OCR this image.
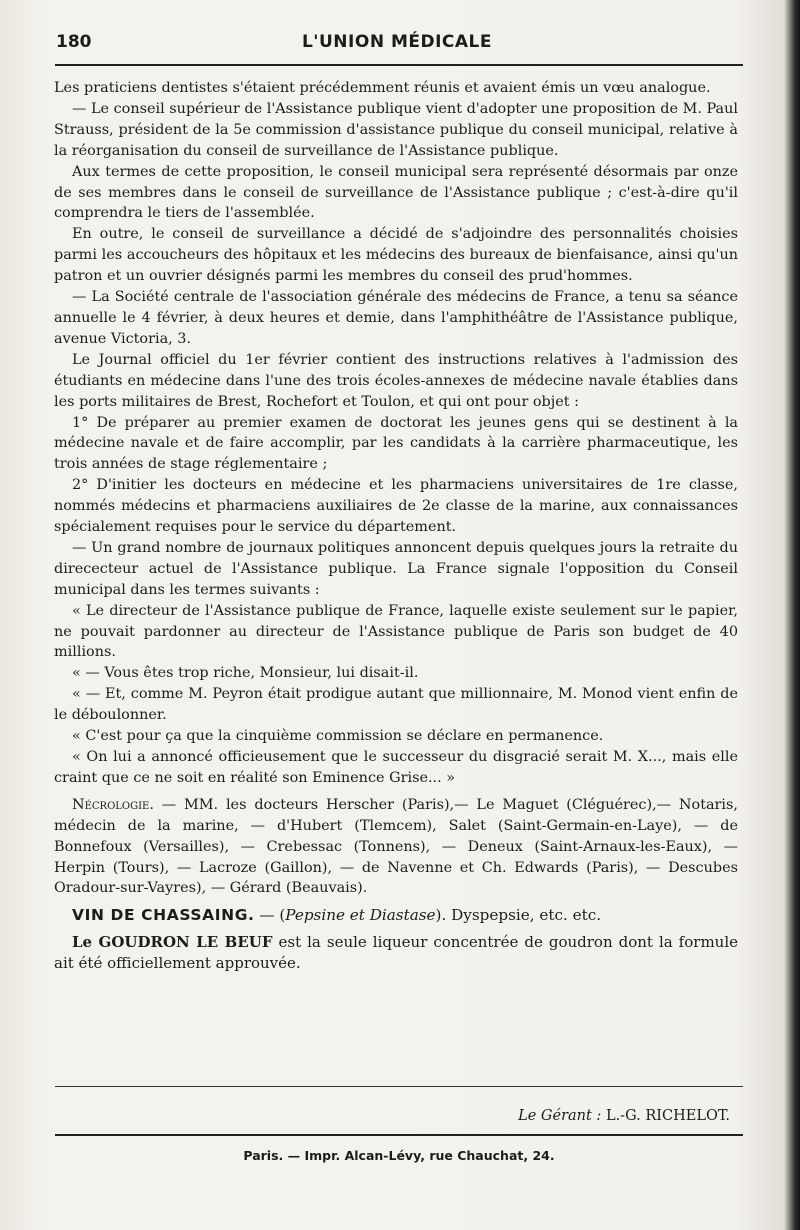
180	L'UNION MÉDICALE

Les praticiens dentistes s'étaient précédemment réunis et avaient émis un vœu analogue.

— Le conseil supérieur de l'Assistance publique vient d'adopter une proposition de M. Paul Strauss, président de la 5e commission d'assistance publique du conseil municipal, relative à la réorganisation du conseil de surveillance de l'Assistance publique.

Aux termes de cette proposition, le conseil municipal sera représenté désormais par onze de ses membres dans le conseil de surveillance de l'Assistance publique ; c'est-à-dire qu'il comprendra le tiers de l'assemblée.

En outre, le conseil de surveillance a décidé de s'adjoindre des personnalités choisies parmi les accoucheurs des hôpitaux et les médecins des bureaux de bienfaisance, ainsi qu'un patron et un ouvrier désignés parmi les membres du conseil des prud'hommes.

— La Société centrale de l'association générale des médecins de France, a tenu sa séance annuelle le 4 février, à deux heures et demie, dans l'amphithéâtre de l'Assistance publique, avenue Victoria, 3.

Le Journal officiel du 1er février contient des instructions relatives à l'admission des étudiants en médecine dans l'une des trois écoles-annexes de médecine navale établies dans les ports militaires de Brest, Rochefort et Toulon, et qui ont pour objet :

1° De préparer au premier examen de doctorat les jeunes gens qui se destinent à la médecine navale et de faire accomplir, par les candidats à la carrière pharmaceutique, les trois années de stage réglementaire ;

2° D'initier les docteurs en médecine et les pharmaciens universitaires de 1re classe, nommés médecins et pharmaciens auxiliaires de 2e classe de la marine, aux connaissances spécialement requises pour le service du département.

— Un grand nombre de journaux politiques annoncent depuis quelques jours la retraite du dirececteur actuel de l'Assistance publique. La France signale l'opposition du Conseil municipal dans les termes suivants :

« Le directeur de l'Assistance publique de France, laquelle existe seulement sur le papier, ne pouvait pardonner au directeur de l'Assistance publique de Paris son budget de 40 millions.

« — Vous êtes trop riche, Monsieur, lui disait-il.

« — Et, comme M. Peyron était prodigue autant que millionnaire, M. Monod vient enfin de le déboulonner.

« C'est pour ça que la cinquième commission se déclare en permanence.

« On lui a annoncé officieusement que le successeur du disgracié serait M. X..., mais elle craint que ce ne soit en réalité son Eminence Grise... »

Nécrologie. — MM. les docteurs Herscher (Paris),— Le Maguet (Cléguérec),— Notaris, médecin de la marine, — d'Hubert (Tlemcem), Salet (Saint-Germain-en-Laye), — de Bonnefoux (Versailles), — Crebessac (Tonnens), — Deneux (Saint-Arnaux-les-Eaux), — Herpin (Tours), — Lacroze (Gaillon), — de Navenne et Ch. Edwards (Paris), — Descubes Oradour-sur-Vayres), — Gérard (Beauvais).

VIN DE CHASSAING. — (Pepsine et Diastase). Dyspepsie, etc. etc.

Le GOUDRON LE BEUF est la seule liqueur concentrée de goudron dont la formule ait été officiellement approuvée.

Le Gérant : L.-G. RICHELOT.
Paris. — Impr. Alcan-Lévy, rue Chauchat, 24.
